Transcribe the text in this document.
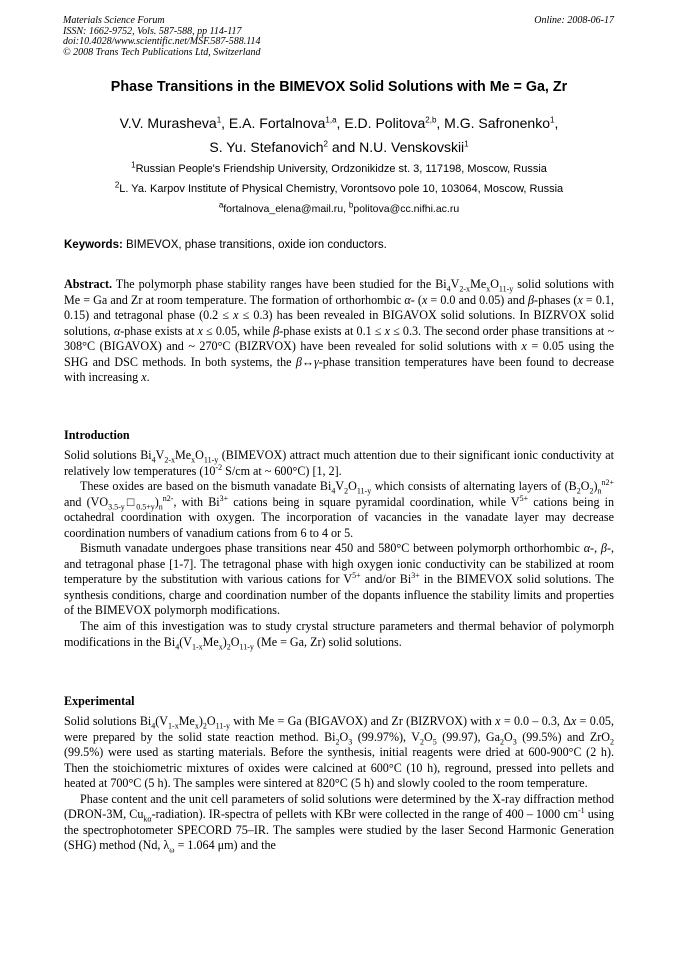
Materials Science Forum
ISSN: 1662-9752, Vols. 587-588, pp 114-117
doi:10.4028/www.scientific.net/MSF.587-588.114
© 2008 Trans Tech Publications Ltd, Switzerland
Online: 2008-06-17
Phase Transitions in the BIMEVOX Solid Solutions with Me = Ga, Zr
V.V. Murasheva$^1$, E.A. Fortalnova$^{1,a}$, E.D. Politova$^{2,b}$, M.G. Safronenko$^1$,
S. Yu. Stefanovich$^2$ and N.U. Venskovskii$^1$
$^1$Russian People's Friendship University, Ordzonikidze st. 3, 117198, Moscow, Russia
$^2$L. Ya. Karpov Institute of Physical Chemistry, Vorontsovo pole 10, 103064, Moscow, Russia
$^a$fortalnova_elena@mail.ru, $^b$politova@cc.nifhi.ac.ru
Keywords: BIMEVOX, phase transitions, oxide ion conductors.

Abstract. The polymorph phase stability ranges have been studied for the $Bi_4V_{2-x}Me_xO_{11-y}$ solid solutions with Me = Ga and Zr at room temperature. The formation of orthorhombic α- (x = 0.0 and 0.05) and β-phases (x = 0.1, 0.15) and tetragonal phase (0.2 ≤ x ≤ 0.3) has been revealed in BIGAVOX solid solutions. In BIZRVOX solid solutions, α-phase exists at x ≤ 0.05, while β-phase exists at 0.1 ≤ x ≤ 0.3. The second order phase transitions at ~ 308°C (BIGAVOX) and ~ 270°C (BIZRVOX) have been revealed for solid solutions with x = 0.05 using the SHG and DSC methods. In both systems, the β↔γ-phase transition temperatures have been found to decrease with increasing x.

Introduction

Solid solutions $Bi_4V_{2-x}Me_xO_{11-y}$ (BIMEVOX) attract much attention due to their significant ionic conductivity at relatively low temperatures ($10^{-2}$ S/cm at ~ 600°C) [1, 2].

These oxides are based on the bismuth vanadate $Bi_4V_2O_{11-y}$ which consists of alternating layers of $(B_2O_2)_n^{n2+}$ and $(VO_{3.5-y}□_{0.5+y})_n^{n2-}$, with $Bi^{3+}$ cations being in square pyramidal coordination, while $V^{5+}$ cations being in octahedral coordination with oxygen. The incorporation of vacancies in the vanadate layer may decrease coordination numbers of vanadium cations from 6 to 4 or 5.

Bismuth vanadate undergoes phase transitions near 450 and 580°C between polymorph orthorhombic α-, β-, and tetragonal phase [1-7]. The tetragonal phase with high oxygen ionic conductivity can be stabilized at room temperature by the substitution with various cations for $V^{5+}$ and/or $Bi^{3+}$ in the BIMEVOX solid solutions. The synthesis conditions, charge and coordination number of the dopants influence the stability limits and properties of the BIMEVOX polymorph modifications.

The aim of this investigation was to study crystal structure parameters and thermal behavior of polymorph modifications in the $Bi_4(V_{1-x}Me_x)_2O_{11-y}$ (Me = Ga, Zr) solid solutions.

Experimental

Solid solutions $Bi_4(V_{1-x}Me_x)_2O_{11-y}$ with Me = Ga (BIGAVOX) and Zr (BIZRVOX) with x = 0.0 – 0.3, Δx = 0.05, were prepared by the solid state reaction method. $Bi_2O_3$ (99.97%), $V_2O_5$ (99.97), $Ga_2O_3$ (99.5%) and ZrO$_2$ (99.5%) were used as starting materials. Before the synthesis, initial reagents were dried at 600-900°C (2 h). Then the stoichiometric mixtures of oxides were calcined at 600°C (10 h), reground, pressed into pellets and heated at 700°C (5 h). The samples were sintered at 820°C (5 h) and slowly cooled to the room temperature.

Phase content and the unit cell parameters of solid solutions were determined by the X-ray diffraction method (DRON-3M, $Cu_{k\alpha}-radiation$). IR-spectra of pellets with KBr were collected in the range of 400 – 1000 $cm^{-1}$ using the spectrophotometer SPECORD 75–IR. The samples were studied by the laser Second Harmonic Generation (SHG) method (Nd, $\lambda_\omega = 1.064$ μm) and the
